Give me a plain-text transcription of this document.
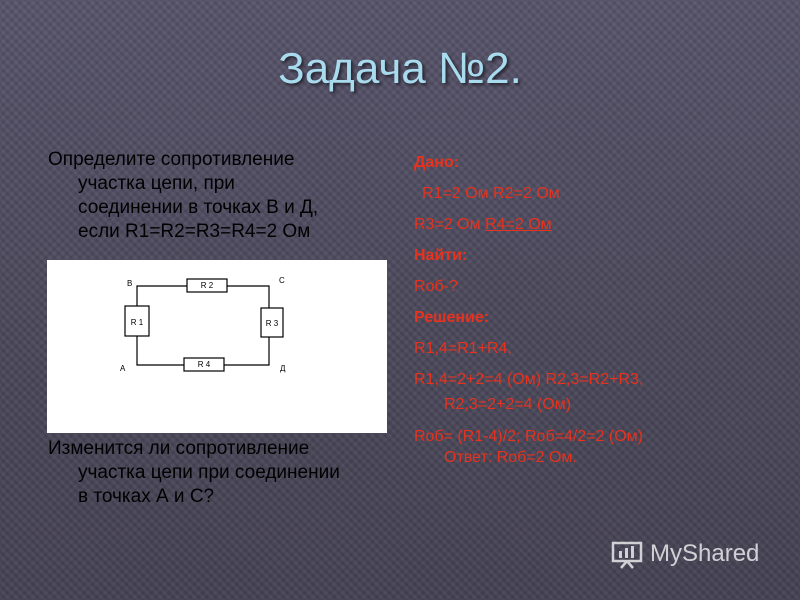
Задача №2.

Определите сопротивление
участка цепи, при
соединении в точках В и Д,
если R1=R2=R3=R4=2 Ом

R 1
R 2
R 3
R 4
В	С
А	Д

Изменится ли сопротивление
участка цепи при соединении
в точках А и С?

Дано:
R1=2 Ом R2=2 Ом
R3=2 Ом R4=2 Ом
Найти:
Rоб-?
Решение:
R1,4=R1+R4,
R1,4=2+2=4 (Ом) R2,3=R2+R3,
R2,3=2+2=4 (Ом)
Rоб= (R1-4)/2; Rоб=4/2=2 (Ом)
Ответ: Rоб=2 Ом.
MyShared
